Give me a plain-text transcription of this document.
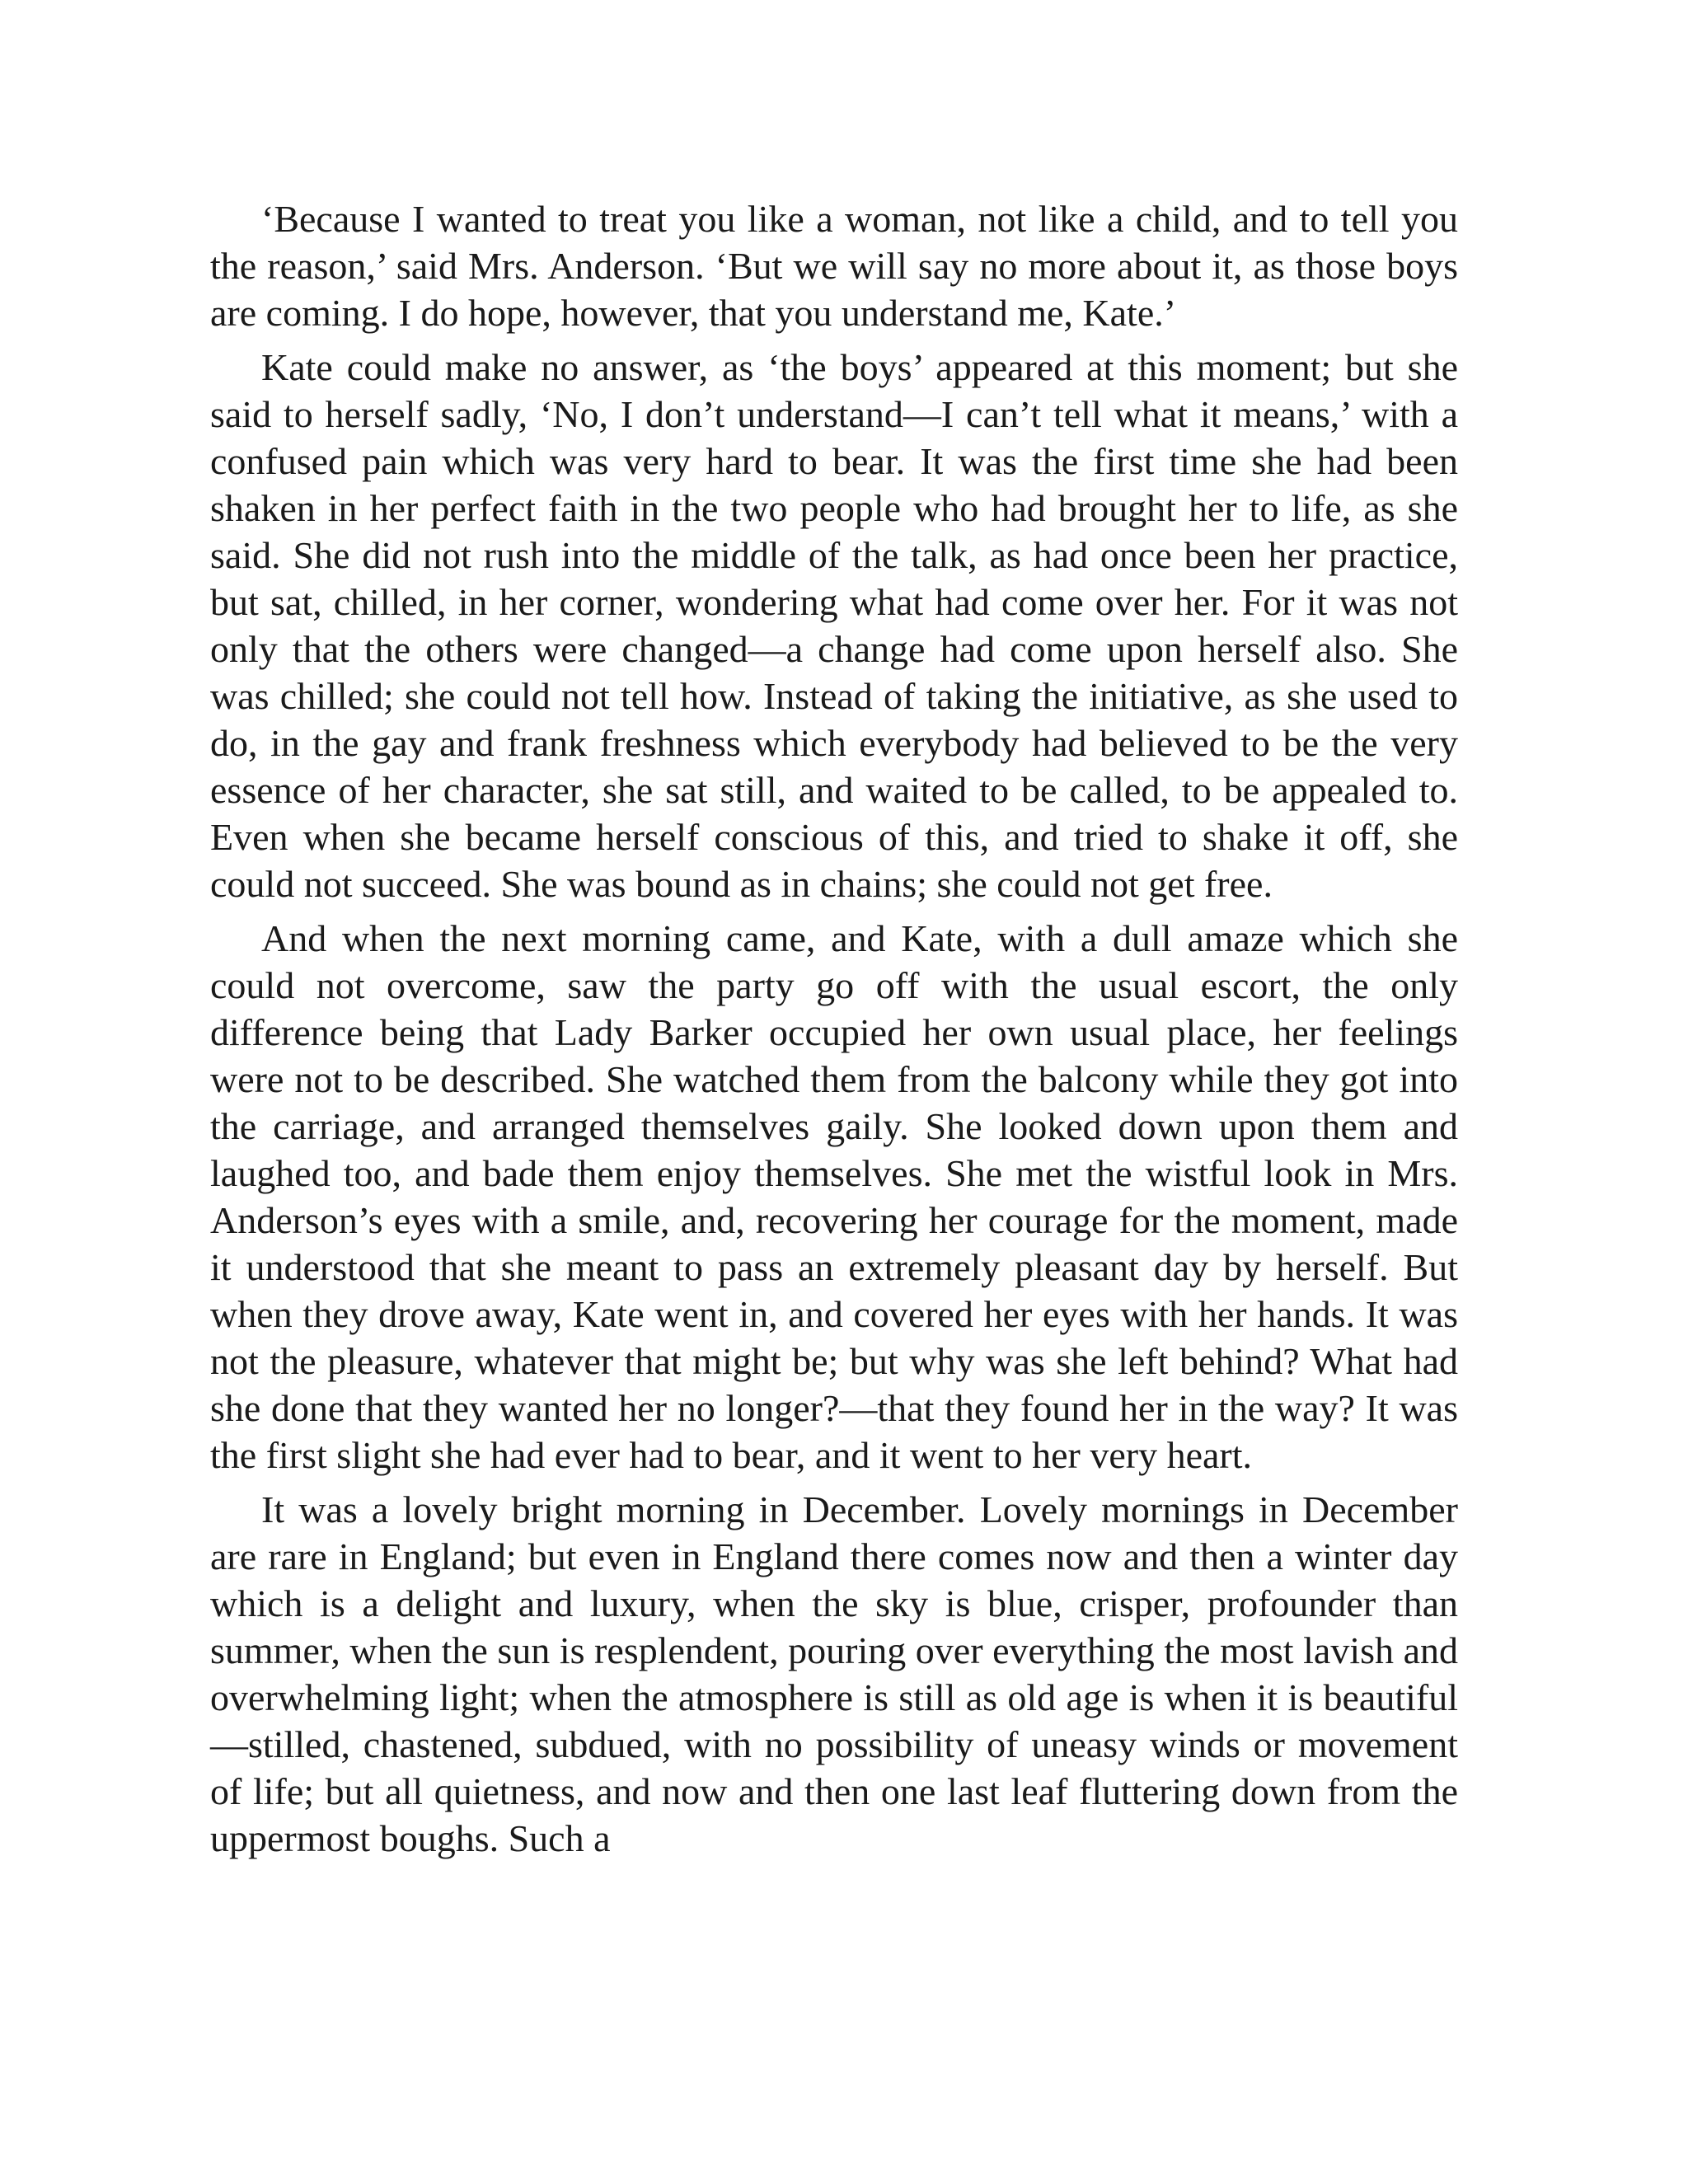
‘Because I wanted to treat you like a woman, not like a child, and to tell you the reason,’ said Mrs. Anderson. ‘But we will say no more about it, as those boys are coming. I do hope, however, that you understand me, Kate.’

Kate could make no answer, as ‘the boys’ appeared at this moment; but she said to herself sadly, ‘No, I don’t understand—I can’t tell what it means,’ with a confused pain which was very hard to bear. It was the first time she had been shaken in her perfect faith in the two people who had brought her to life, as she said. She did not rush into the middle of the talk, as had once been her practice, but sat, chilled, in her corner, wondering what had come over her. For it was not only that the others were changed—a change had come upon herself also. She was chilled; she could not tell how. Instead of taking the initiative, as she used to do, in the gay and frank freshness which everybody had believed to be the very essence of her character, she sat still, and waited to be called, to be appealed to. Even when she became herself conscious of this, and tried to shake it off, she could not succeed. She was bound as in chains; she could not get free.

And when the next morning came, and Kate, with a dull amaze which she could not overcome, saw the party go off with the usual escort, the only difference being that Lady Barker occupied her own usual place, her feelings were not to be described. She watched them from the balcony while they got into the carriage, and arranged themselves gaily. She looked down upon them and laughed too, and bade them enjoy themselves. She met the wistful look in Mrs. Anderson’s eyes with a smile, and, recovering her courage for the moment, made it understood that she meant to pass an extremely pleasant day by herself. But when they drove away, Kate went in, and covered her eyes with her hands. It was not the pleasure, whatever that might be; but why was she left behind? What had she done that they wanted her no longer?—that they found her in the way? It was the first slight she had ever had to bear, and it went to her very heart.

It was a lovely bright morning in December. Lovely mornings in December are rare in England; but even in England there comes now and then a winter day which is a delight and luxury, when the sky is blue, crisper, profounder than summer, when the sun is resplendent, pouring over everything the most lavish and overwhelming light; when the atmosphere is still as old age is when it is beautiful—stilled, chastened, subdued, with no possibility of uneasy winds or movement of life; but all quietness, and now and then one last leaf fluttering down from the uppermost boughs. Such a
